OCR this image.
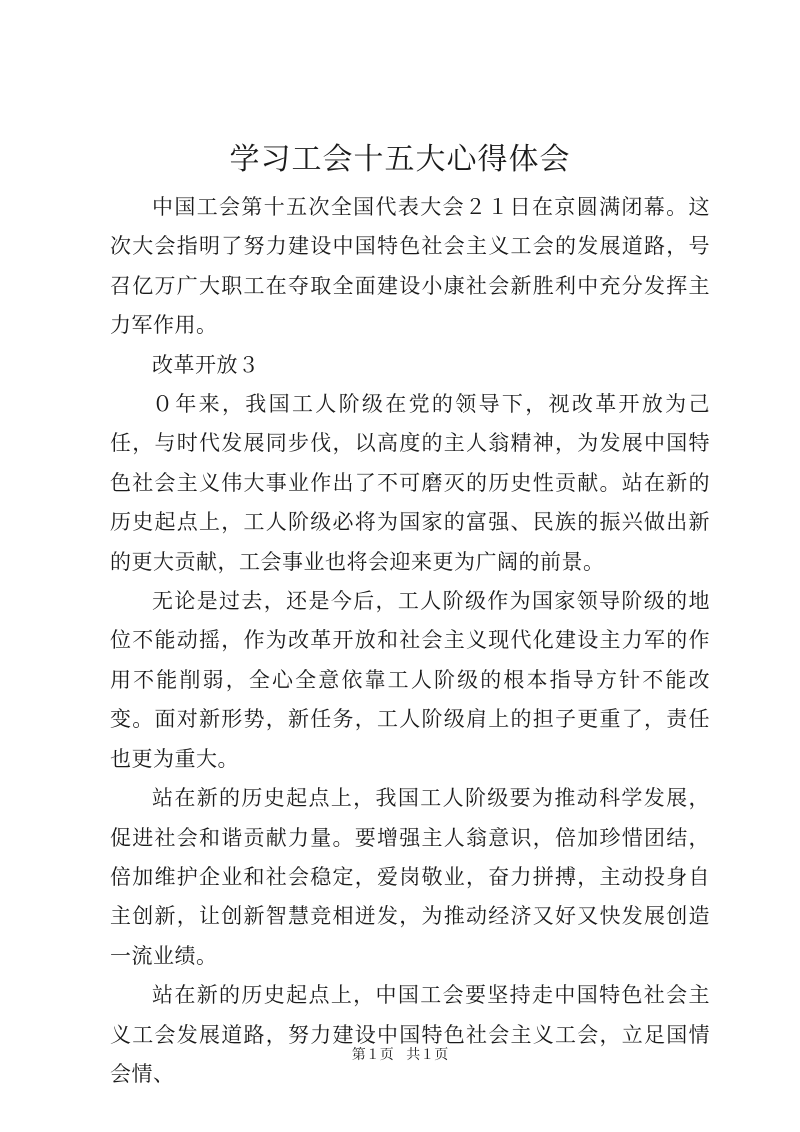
学习工会十五大心得体会

中国工会第十五次全国代表大会２１日在京圆满闭幕。这次大会指明了努力建设中国特色社会主义工会的发展道路，号召亿万广大职工在夺取全面建设小康社会新胜利中充分发挥主力军作用。

改革开放３

０年来，我国工人阶级在党的领导下，视改革开放为己任，与时代发展同步伐，以高度的主人翁精神，为发展中国特色社会主义伟大事业作出了不可磨灭的历史性贡献。站在新的历史起点上，工人阶级必将为国家的富强、民族的振兴做出新的更大贡献，工会事业也将会迎来更为广阔的前景。

无论是过去，还是今后，工人阶级作为国家领导阶级的地位不能动摇，作为改革开放和社会主义现代化建设主力军的作用不能削弱，全心全意依靠工人阶级的根本指导方针不能改变。面对新形势，新任务，工人阶级肩上的担子更重了，责任也更为重大。

站在新的历史起点上，我国工人阶级要为推动科学发展，促进社会和谐贡献力量。要增强主人翁意识，倍加珍惜团结，倍加维护企业和社会稳定，爱岗敬业，奋力拼搏，主动投身自主创新，让创新智慧竞相迸发，为推动经济又好又快发展创造一流业绩。

站在新的历史起点上，中国工会要坚持走中国特色社会主义工会发展道路，努力建设中国特色社会主义工会，立足国情会情、

第１页 共１页
